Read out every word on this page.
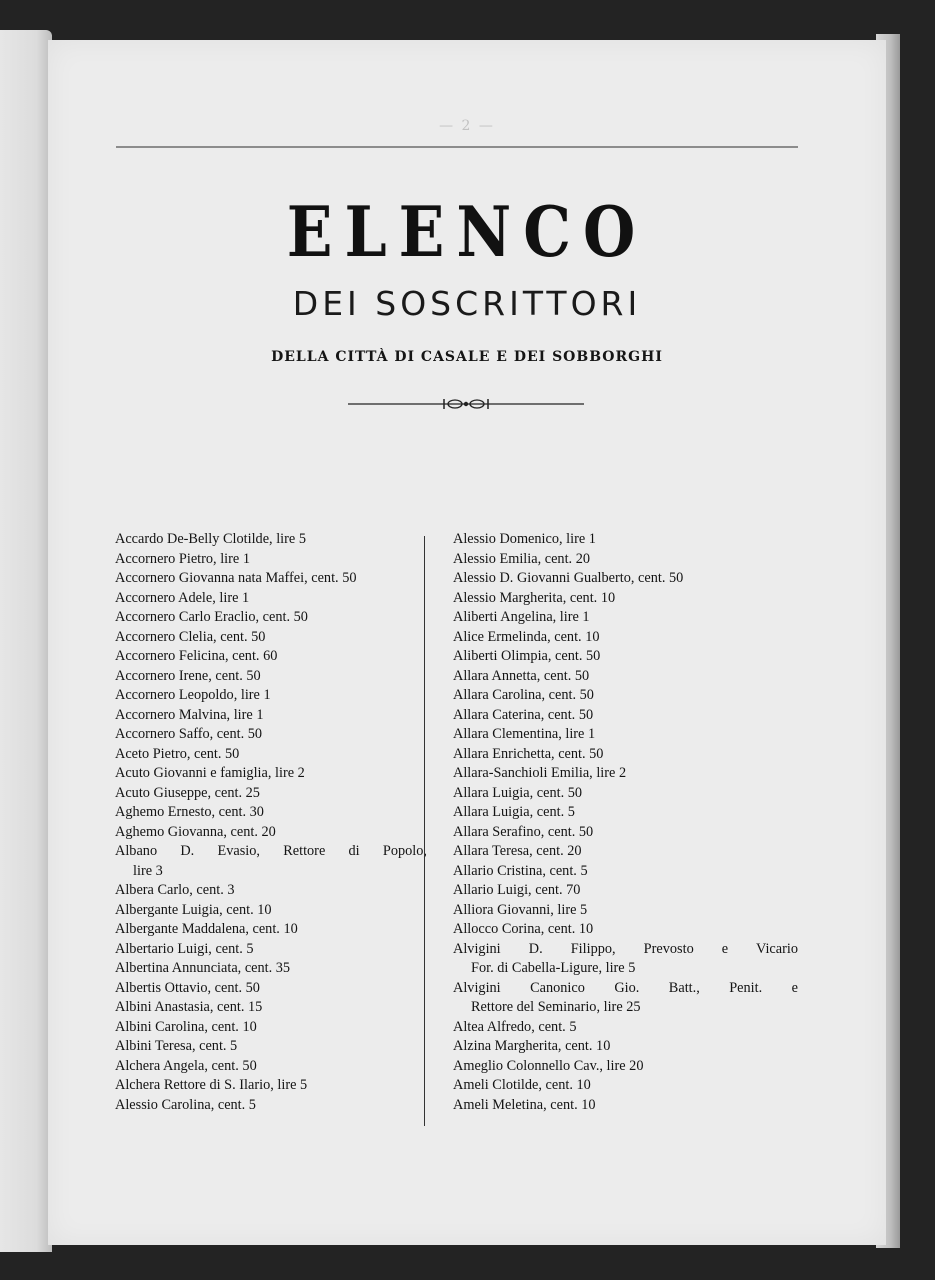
— 2 —
ELENCO
DEI SOSCRITTORI
DELLA CITTÀ DI CASALE E DEI SOBBORGHI
Accardo De-Belly Clotilde, lire 5
Accornero Pietro, lire 1
Accornero Giovanna nata Maffei, cent. 50
Accornero Adele, lire 1
Accornero Carlo Eraclio, cent. 50
Accornero Clelia, cent. 50
Accornero Felicina, cent. 60
Accornero Irene, cent. 50
Accornero Leopoldo, lire 1
Accornero Malvina, lire 1
Accornero Saffo, cent. 50
Aceto Pietro, cent. 50
Acuto Giovanni e famiglia, lire 2
Acuto Giuseppe, cent. 25
Aghemo Ernesto, cent. 30
Aghemo Giovanna, cent. 20
Albano D. Evasio, Rettore di Popolo,
lire 3
Albera Carlo, cent. 3
Albergante Luigia, cent. 10
Albergante Maddalena, cent. 10
Albertario Luigi, cent. 5
Albertina Annunciata, cent. 35
Albertis Ottavio, cent. 50
Albini Anastasia, cent. 15
Albini Carolina, cent. 10
Albini Teresa, cent. 5
Alchera Angela, cent. 50
Alchera Rettore di S. Ilario, lire 5
Alessio Carolina, cent. 5
Alessio Domenico, lire 1
Alessio Emilia, cent. 20
Alessio D. Giovanni Gualberto, cent. 50
Alessio Margherita, cent. 10
Aliberti Angelina, lire 1
Alice Ermelinda, cent. 10
Aliberti Olimpia, cent. 50
Allara Annetta, cent. 50
Allara Carolina, cent. 50
Allara Caterina, cent. 50
Allara Clementina, lire 1
Allara Enrichetta, cent. 50
Allara-Sanchioli Emilia, lire 2
Allara Luigia, cent. 50
Allara Luigia, cent. 5
Allara Serafino, cent. 50
Allara Teresa, cent. 20
Allario Cristina, cent. 5
Allario Luigi, cent. 70
Alliora Giovanni, lire 5
Allocco Corina, cent. 10
Alvigini D. Filippo, Prevosto e Vicario
For. di Cabella-Ligure, lire 5
Alvigini Canonico Gio. Batt., Penit. e
Rettore del Seminario, lire 25
Altea Alfredo, cent. 5
Alzina Margherita, cent. 10
Ameglio Colonnello Cav., lire 20
Ameli Clotilde, cent. 10
Ameli Meletina, cent. 10
